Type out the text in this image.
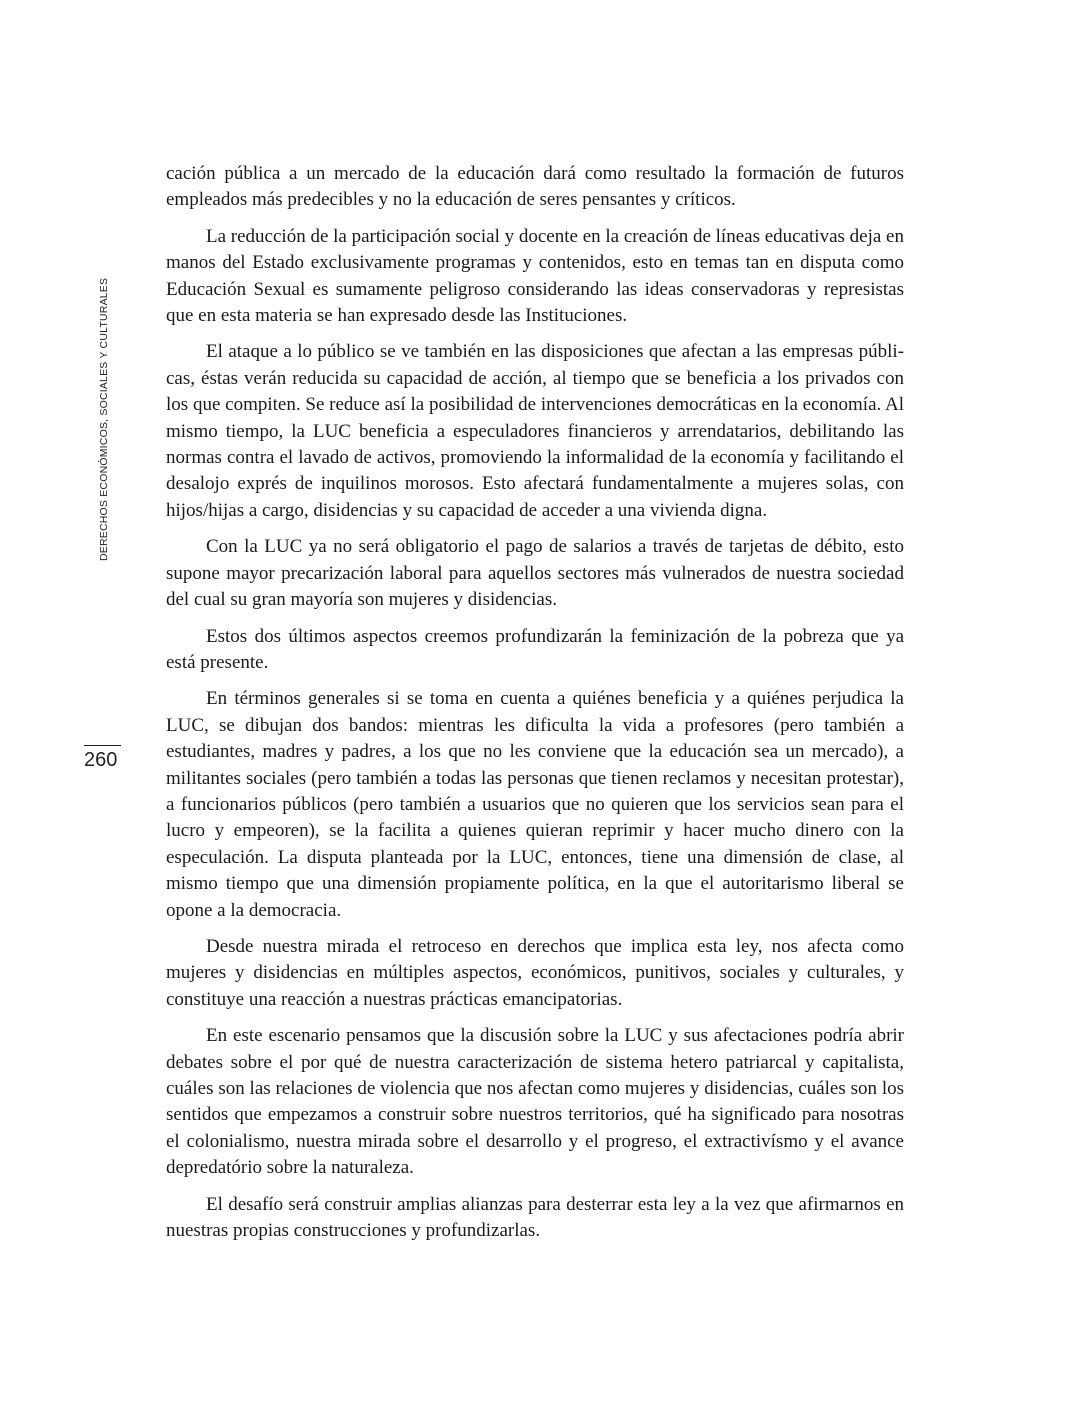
DERECHOS ECONÓMICOS, SOCIALES Y CULTURALES
260

cación pública a un mercado de la educación dará como resultado la formación de futuros empleados más predecibles y no la educación de seres pensantes y críticos.

La reducción de la participación social y docente en la creación de líneas educativas deja en manos del Estado exclusivamente programas y contenidos, esto en temas tan en disputa como Educación Sexual es sumamente peligroso considerando las ideas conservadoras y represistas que en esta materia se han expresado desde las Instituciones.

El ataque a lo público se ve también en las disposiciones que afectan a las empresas públicas, éstas verán reducida su capacidad de acción, al tiempo que se beneficia a los privados con los que compiten. Se reduce así la posibilidad de intervenciones democráticas en la economía. Al mismo tiempo, la LUC beneficia a especuladores financieros y arrendatarios, debilitando las normas contra el lavado de activos, promoviendo la informalidad de la economía y facilitando el desalojo exprés de inquilinos morosos. Esto afectará fundamentalmente a mujeres solas, con hijos/hijas a cargo, disidencias y su capacidad de acceder a una vivienda digna.

Con la LUC ya no será obligatorio el pago de salarios a través de tarjetas de débito, esto supone mayor precarización laboral para aquellos sectores más vulnerados de nuestra sociedad del cual su gran mayoría son mujeres y disidencias.

Estos dos últimos aspectos creemos profundizarán la feminización de la pobreza que ya está presente.

En términos generales si se toma en cuenta a quiénes beneficia y a quiénes perjudica la LUC, se dibujan dos bandos: mientras les dificulta la vida a profesores (pero también a estudiantes, madres y padres, a los que no les conviene que la educación sea un mercado), a militantes sociales (pero también a todas las personas que tienen reclamos y necesitan protestar), a funcionarios públicos (pero también a usuarios que no quieren que los servicios sean para el lucro y empeoren), se la facilita a quienes quieran reprimir y hacer mucho dinero con la especulación. La disputa planteada por la LUC, entonces, tiene una dimensión de clase, al mismo tiempo que una dimensión propiamente política, en la que el autoritarismo liberal se opone a la democracia.

Desde nuestra mirada el retroceso en derechos que implica esta ley, nos afecta como mujeres y disidencias en múltiples aspectos, económicos, punitivos, sociales y culturales, y constituye una reacción a nuestras prácticas emancipatorias.

En este escenario pensamos que la discusión sobre la LUC y sus afectaciones podría abrir debates sobre el por qué de nuestra caracterización de sistema hetero patriarcal y capitalista, cuáles son las relaciones de violencia que nos afectan como mujeres y disidencias, cuáles son los sentidos que empezamos a construir sobre nuestros territorios, qué ha significado para nosotras el colonialismo, nuestra mirada sobre el desarrollo y el progreso, el extractivísmo y el avance depredatório sobre la naturaleza.

El desafío será construir amplias alianzas para desterrar esta ley a la vez que afirmarnos en nuestras propias construcciones y profundizarlas.
